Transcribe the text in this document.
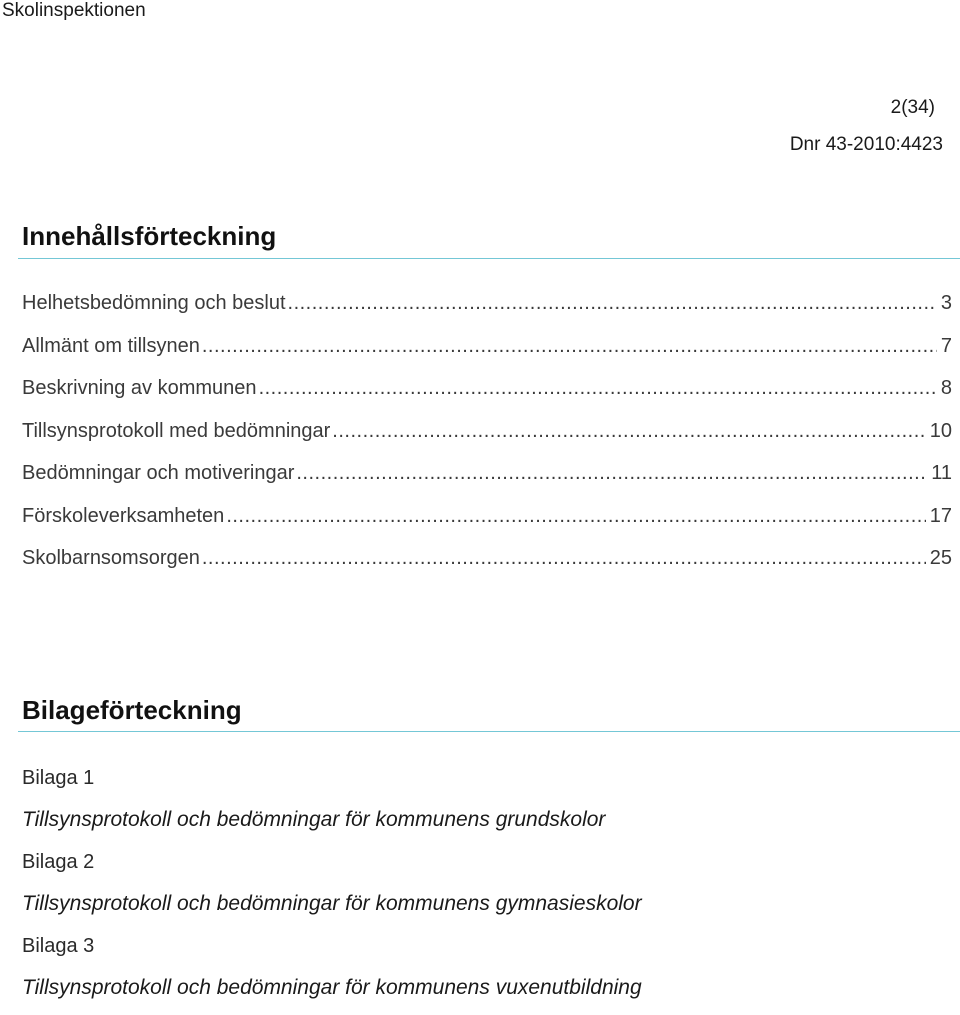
Skolinspektionen
2(34)
Dnr 43-2010:4423
Innehållsförteckning
Helhetsbedömning och beslut .....	3
Allmänt om tillsynen .....	7
Beskrivning av kommunen .....	8
Tillsynsprotokoll med bedömningar .....	10
Bedömningar och motiveringar .....	11
Förskoleverksamheten .....	17
Skolbarnsomsorgen .....	25
Bilageförteckning
Bilaga 1
Tillsynsprotokoll och bedömningar för kommunens grundskolor
Bilaga 2
Tillsynsprotokoll och bedömningar för kommunens gymnasieskolor
Bilaga 3
Tillsynsprotokoll och bedömningar för kommunens vuxenutbildning
